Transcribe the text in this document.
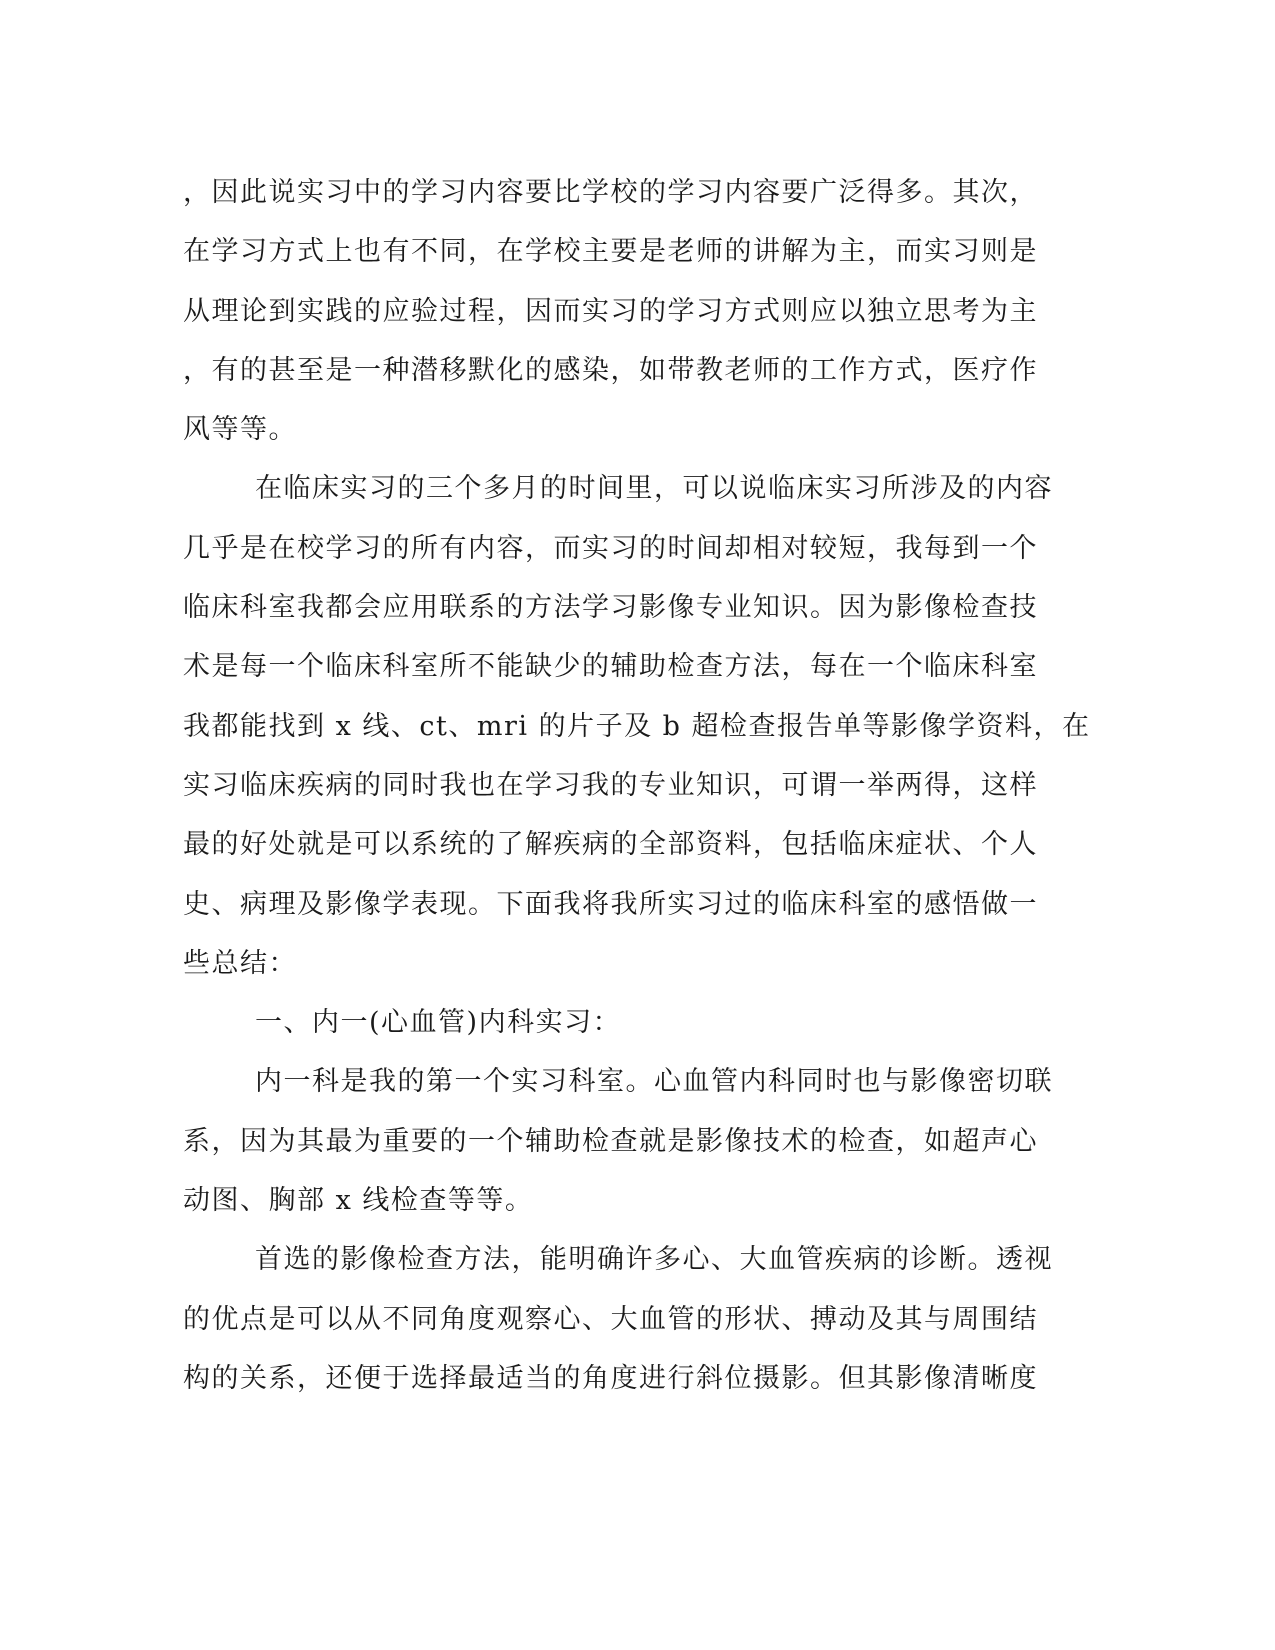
，因此说实习中的学习内容要比学校的学习内容要广泛得多。其次，
在学习方式上也有不同，在学校主要是老师的讲解为主，而实习则是
从理论到实践的应验过程，因而实习的学习方式则应以独立思考为主
，有的甚至是一种潜移默化的感染，如带教老师的工作方式，医疗作
风等等。
在临床实习的三个多月的时间里，可以说临床实习所涉及的内容
几乎是在校学习的所有内容，而实习的时间却相对较短，我每到一个
临床科室我都会应用联系的方法学习影像专业知识。因为影像检查技
术是每一个临床科室所不能缺少的辅助检查方法，每在一个临床科室
我都能找到 x 线、ct、mri 的片子及 b 超检查报告单等影像学资料，在
实习临床疾病的同时我也在学习我的专业知识，可谓一举两得，这样
最的好处就是可以系统的了解疾病的全部资料，包括临床症状、个人
史、病理及影像学表现。下面我将我所实习过的临床科室的感悟做一
些总结：
一、内一(心血管)内科实习：
内一科是我的第一个实习科室。心血管内科同时也与影像密切联
系，因为其最为重要的一个辅助检查就是影像技术的检查，如超声心
动图、胸部 x 线检查等等。
首选的影像检查方法，能明确许多心、大血管疾病的诊断。透视
的优点是可以从不同角度观察心、大血管的形状、搏动及其与周围结
构的关系，还便于选择最适当的角度进行斜位摄影。但其影像清晰度
